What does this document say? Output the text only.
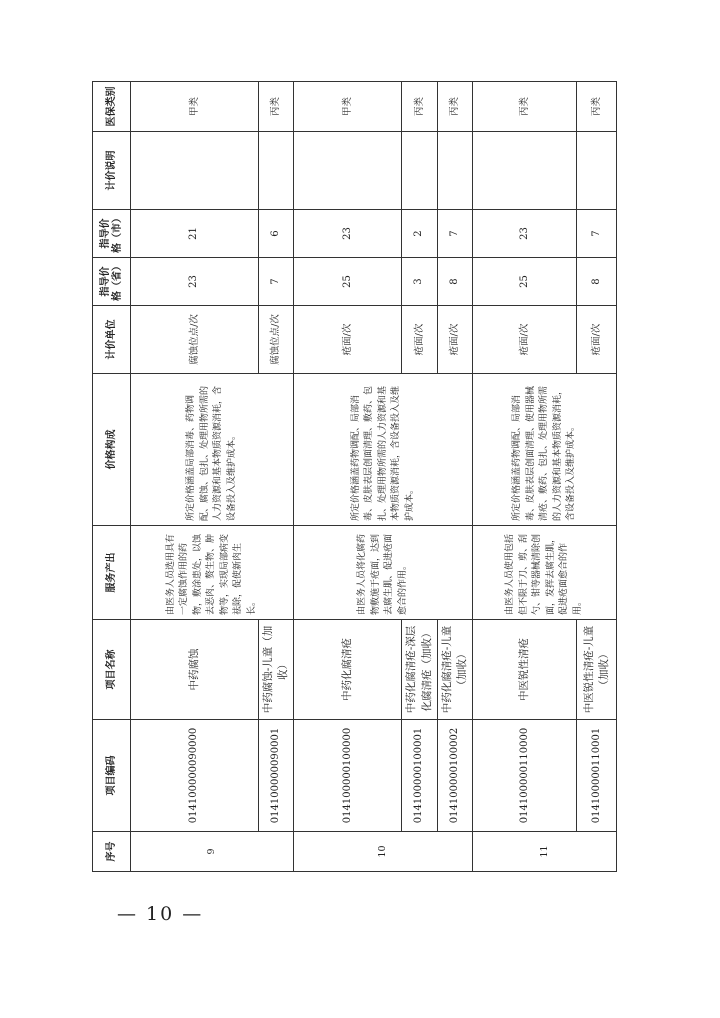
序号	项目编码	项目名称	服务产出	价格构成	计价单位	指导价格（省）	指导价格（市）	计价说明	医保类别
9	014100000090000	中药腐蚀	由医务人员选用具有一定腐蚀作用的药物，敷涂患处，以蚀去恶肉、赘生物、肿物等，实现局部病变祛除，促使新肉生长。	所定价格涵盖局部消毒、药物调配、腐蚀、包扎、处理用物所需的人力资源和基本物质资源消耗，含设备投入及维护成本。	腐蚀位点/次	23	21		甲类
	014100000090001	中药腐蚀-儿童（加收）			腐蚀位点/次	7	6		丙类
10	014100000100000	中药化腐清疮	由医务人员将化腐药物敷施于疮面，达到去腐生肌、促进疮面愈合的作用。	所定价格涵盖药物调配、局部消毒、皮肤表层创面清理、敷药、包扎、处理用物所需的人力资源和基本物质资源消耗，含设备投入及维护成本。	疮面/次	25	23		甲类
	014100000100001	中药化腐清疮-深层化腐清疮（加收）			疮面/次	3	2		丙类
	014100000100002	中药化腐清疮-儿童（加收）			疮面/次	8	7		丙类
11	014100000110000	中医锐性清疮	由医务人员使用包括但不限于刀、剪、刮勺、钳等器械清除创面，发挥去腐生肌，促进疮面愈合的作用。	所定价格涵盖药物调配、局部消毒、皮肤表层创面清理、使用器械清疮、敷药、包扎、处理用物所需的人力资源和基本物质资源消耗，含设备投入及维护成本。	疮面/次	25	23		丙类
	014100000110001	中医锐性清疮-儿童（加收）			疮面/次	8	7		丙类
— 10 —
